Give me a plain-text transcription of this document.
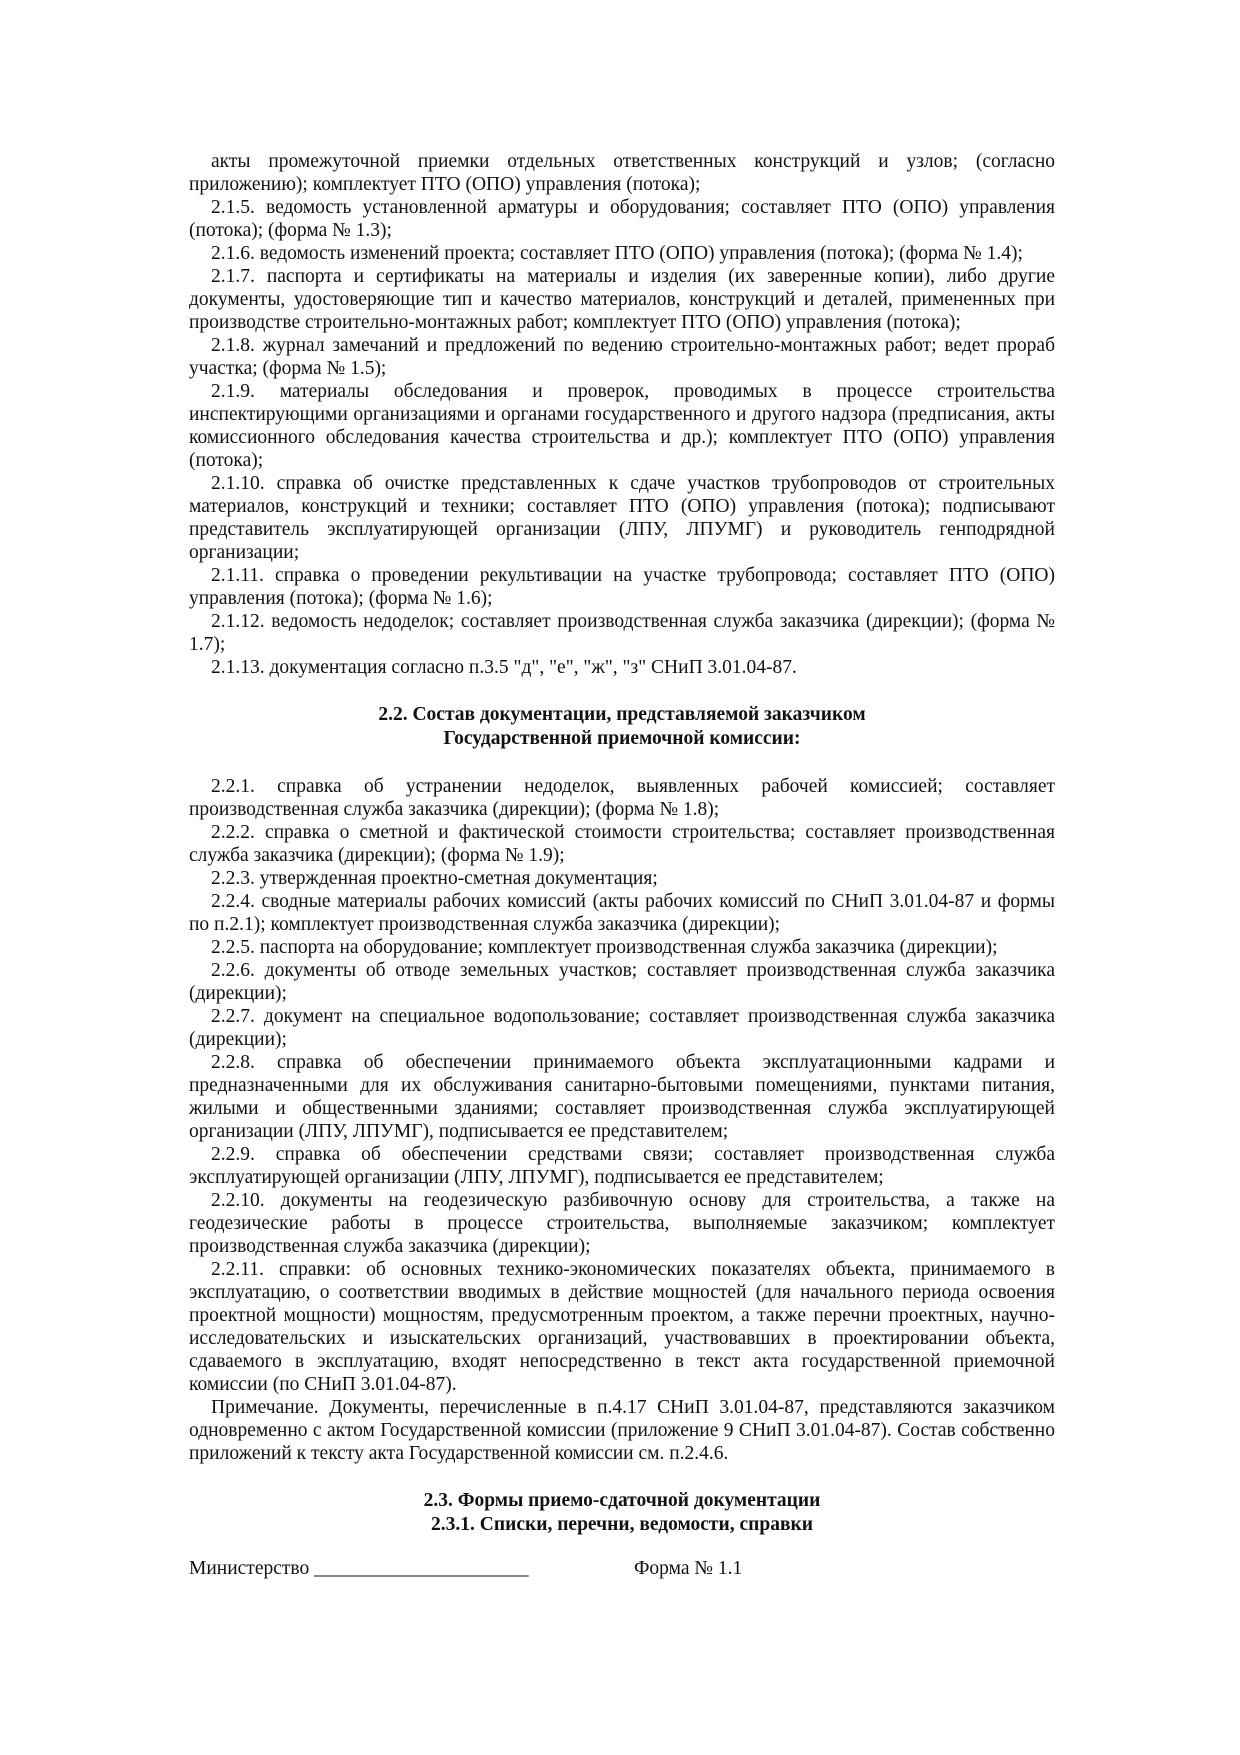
акты промежуточной приемки отдельных ответственных конструкций и узлов; (согласно приложению); комплектует ПТО (ОПО) управления (потока);

2.1.5. ведомость установленной арматуры и оборудования; составляет ПТО (ОПО) управления (потока); (форма № 1.3);

2.1.6. ведомость изменений проекта; составляет ПТО (ОПО) управления (потока); (форма № 1.4);

2.1.7. паспорта и сертификаты на материалы и изделия (их заверенные копии), либо другие документы, удостоверяющие тип и качество материалов, конструкций и деталей, примененных при производстве строительно-монтажных работ; комплектует ПТО (ОПО) управления (потока);

2.1.8. журнал замечаний и предложений по ведению строительно-монтажных работ; ведет прораб участка; (форма № 1.5);

2.1.9. материалы обследования и проверок, проводимых в процессе строительства инспектирующими организациями и органами государственного и другого надзора (предписания, акты комиссионного обследования качества строительства и др.); комплектует ПТО (ОПО) управления (потока);

2.1.10. справка об очистке представленных к сдаче участков трубопроводов от строительных материалов, конструкций и техники; составляет ПТО (ОПО) управления (потока); подписывают представитель эксплуатирующей организации (ЛПУ, ЛПУМГ) и руководитель генподрядной организации;

2.1.11. справка о проведении рекультивации на участке трубопровода; составляет ПТО (ОПО) управления (потока); (форма № 1.6);

2.1.12. ведомость недоделок; составляет производственная служба заказчика (дирекции); (форма № 1.7);

2.1.13. документация согласно п.3.5 "д", "е", "ж", "з" СНиП 3.01.04-87.

2.2. Состав документации, представляемой заказчиком

Государственной приемочной комиссии:

2.2.1. справка об устранении недоделок, выявленных рабочей комиссией; составляет производственная служба заказчика (дирекции); (форма № 1.8);

2.2.2. справка о сметной и фактической стоимости строительства; составляет производственная служба заказчика (дирекции); (форма № 1.9);

2.2.3. утвержденная проектно-сметная документация;

2.2.4. сводные материалы рабочих комиссий (акты рабочих комиссий по СНиП 3.01.04-87 и формы по п.2.1); комплектует производственная служба заказчика (дирекции);

2.2.5. паспорта на оборудование; комплектует производственная служба заказчика (дирекции);

2.2.6. документы об отводе земельных участков; составляет производственная служба заказчика (дирекции);

2.2.7. документ на специальное водопользование; составляет производственная служба заказчика (дирекции);

2.2.8. справка об обеспечении принимаемого объекта эксплуатационными кадрами и предназначенными для их обслуживания санитарно-бытовыми помещениями, пунктами питания, жилыми и общественными зданиями; составляет производственная служба эксплуатирующей организации (ЛПУ, ЛПУМГ), подписывается ее представителем;

2.2.9. справка об обеспечении средствами связи; составляет производственная служба эксплуатирующей организации (ЛПУ, ЛПУМГ), подписывается ее представителем;

2.2.10. документы на геодезическую разбивочную основу для строительства, а также на геодезические работы в процессе строительства, выполняемые заказчиком; комплектует производственная служба заказчика (дирекции);

2.2.11. справки: об основных технико-экономических показателях объекта, принимаемого в эксплуатацию, о соответствии вводимых в действие мощностей (для начального периода освоения проектной мощности) мощностям, предусмотренным проектом, а также перечни проектных, научно-исследовательских и изыскательских организаций, участвовавших в проектировании объекта, сдаваемого в эксплуатацию, входят непосредственно в текст акта государственной приемочной комиссии (по СНиП 3.01.04-87).

Примечание. Документы, перечисленные в п.4.17 СНиП 3.01.04-87, представляются заказчиком одновременно с актом Государственной комиссии (приложение 9 СНиП 3.01.04-87). Состав собственно приложений к тексту акта Государственной комиссии см. п.2.4.6.

2.3. Формы приемо-сдаточной документации

2.3.1. Списки, перечни, ведомости, справки

Министерство ______________________	Форма № 1.1
